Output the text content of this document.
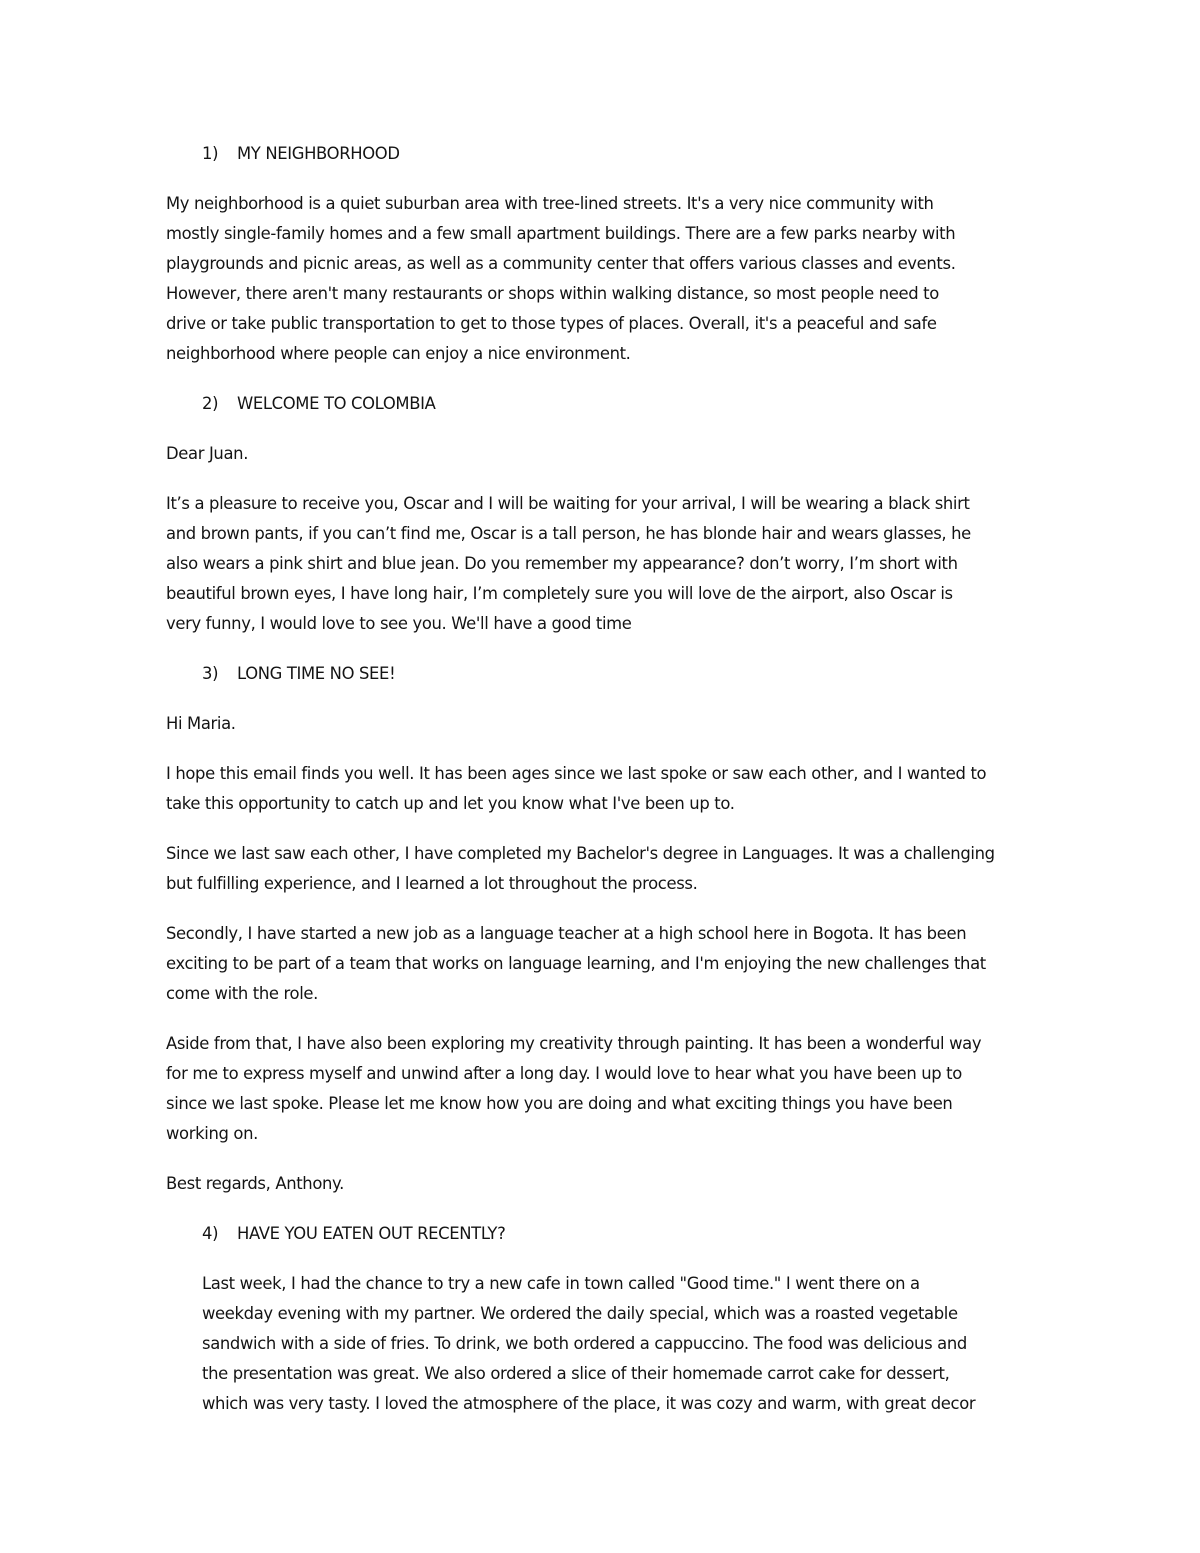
1)	MY NEIGHBORHOOD
My neighborhood is a quiet suburban area with tree-lined streets. It's a very nice community with
mostly single-family homes and a few small apartment buildings. There are a few parks nearby with
playgrounds and picnic areas, as well as a community center that offers various classes and events.
However, there aren't many restaurants or shops within walking distance, so most people need to
drive or take public transportation to get to those types of places. Overall, it's a peaceful and safe
neighborhood where people can enjoy a nice environment.
2)	WELCOME TO COLOMBIA
Dear Juan.
It’s a pleasure to receive you, Oscar and I will be waiting for your arrival, I will be wearing a black shirt
and brown pants, if you can’t find me, Oscar is a tall person, he has blonde hair and wears glasses, he
also wears a pink shirt and blue jean. Do you remember my appearance? don’t worry, I’m short with
beautiful brown eyes, I have long hair, I’m completely sure you will love de the airport, also Oscar is
very funny, I would love to see you. We'll have a good time
3)	LONG TIME NO SEE!
Hi Maria.
I hope this email finds you well. It has been ages since we last spoke or saw each other, and I wanted to
take this opportunity to catch up and let you know what I've been up to.
Since we last saw each other, I have completed my Bachelor's degree in Languages. It was a challenging
but fulfilling experience, and I learned a lot throughout the process.
Secondly, I have started a new job as a language teacher at a high school here in Bogota. It has been
exciting to be part of a team that works on language learning, and I'm enjoying the new challenges that
come with the role.
Aside from that, I have also been exploring my creativity through painting. It has been a wonderful way
for me to express myself and unwind after a long day. I would love to hear what you have been up to
since we last spoke. Please let me know how you are doing and what exciting things you have been
working on.
Best regards, Anthony.
4)	HAVE YOU EATEN OUT RECENTLY?
Last week, I had the chance to try a new cafe in town called "Good time." I went there on a
weekday evening with my partner. We ordered the daily special, which was a roasted vegetable
sandwich with a side of fries. To drink, we both ordered a cappuccino. The food was delicious and
the presentation was great. We also ordered a slice of their homemade carrot cake for dessert,
which was very tasty. I loved the atmosphere of the place, it was cozy and warm, with great decor
